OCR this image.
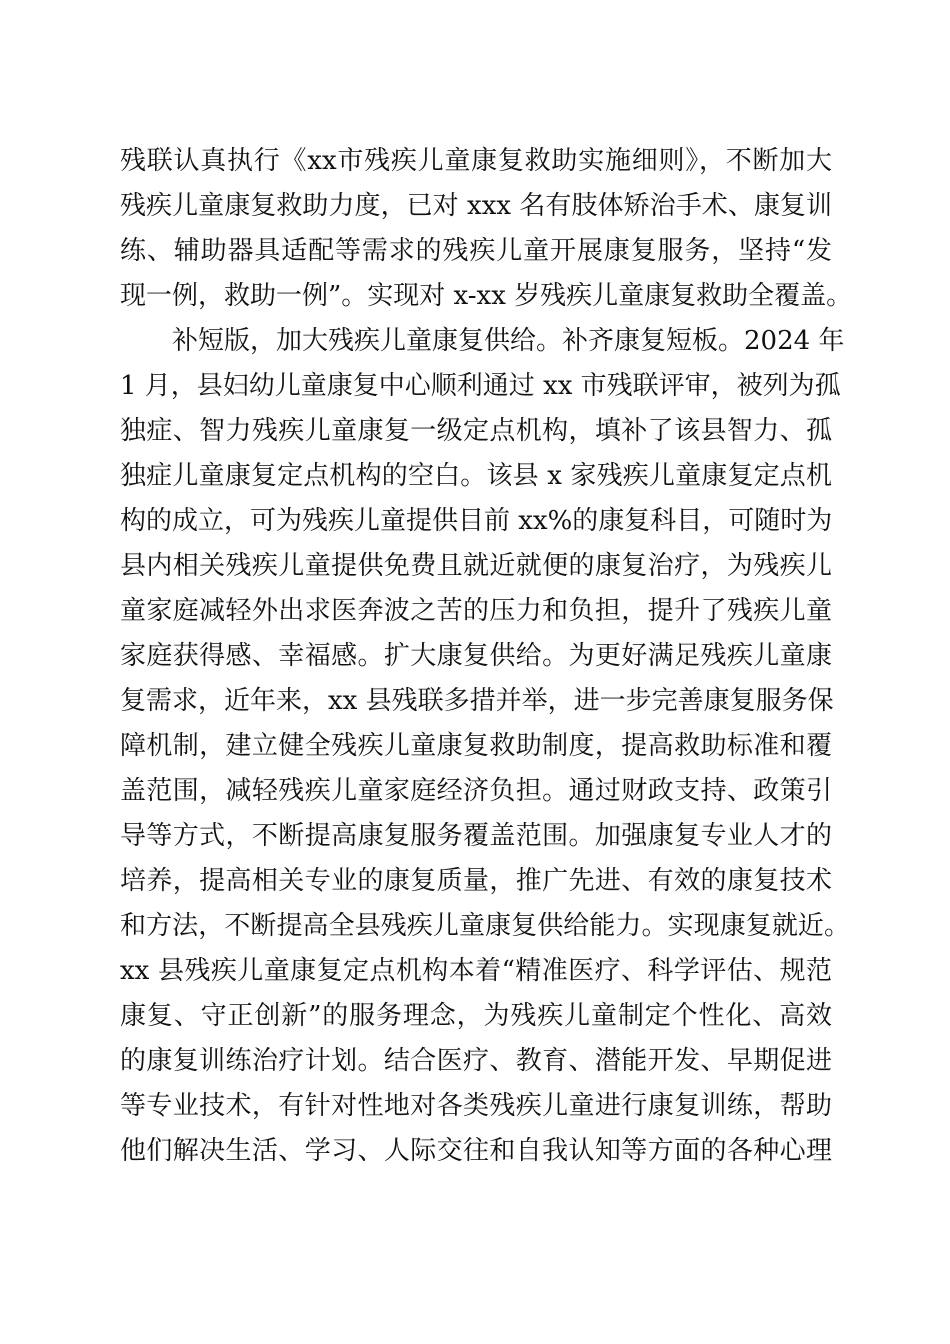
残联认真执行《xx市残疾儿童康复救助实施细则》，不断加大
残疾儿童康复救助力度，已对 xxx 名有肢体矫治手术、康复训
练、辅助器具适配等需求的残疾儿童开展康复服务，坚持“发
现一例，救助一例”。实现对 x-xx 岁残疾儿童康复救助全覆盖。
补短版，加大残疾儿童康复供给。补齐康复短板。2024 年
1 月，县妇幼儿童康复中心顺利通过 xx 市残联评审，被列为孤
独症、智力残疾儿童康复一级定点机构，填补了该县智力、孤
独症儿童康复定点机构的空白。该县 x 家残疾儿童康复定点机
构的成立，可为残疾儿童提供目前 xx%的康复科目，可随时为
县内相关残疾儿童提供免费且就近就便的康复治疗，为残疾儿
童家庭减轻外出求医奔波之苦的压力和负担，提升了残疾儿童
家庭获得感、幸福感。扩大康复供给。为更好满足残疾儿童康
复需求，近年来，xx 县残联多措并举，进一步完善康复服务保
障机制，建立健全残疾儿童康复救助制度，提高救助标准和覆
盖范围，减轻残疾儿童家庭经济负担。通过财政支持、政策引
导等方式，不断提高康复服务覆盖范围。加强康复专业人才的
培养，提高相关专业的康复质量，推广先进、有效的康复技术
和方法，不断提高全县残疾儿童康复供给能力。实现康复就近。
xx 县残疾儿童康复定点机构本着“精准医疗、科学评估、规范
康复、守正创新”的服务理念，为残疾儿童制定个性化、高效
的康复训练治疗计划。结合医疗、教育、潜能开发、早期促进
等专业技术，有针对性地对各类残疾儿童进行康复训练，帮助
他们解决生活、学习、人际交往和自我认知等方面的各种心理
